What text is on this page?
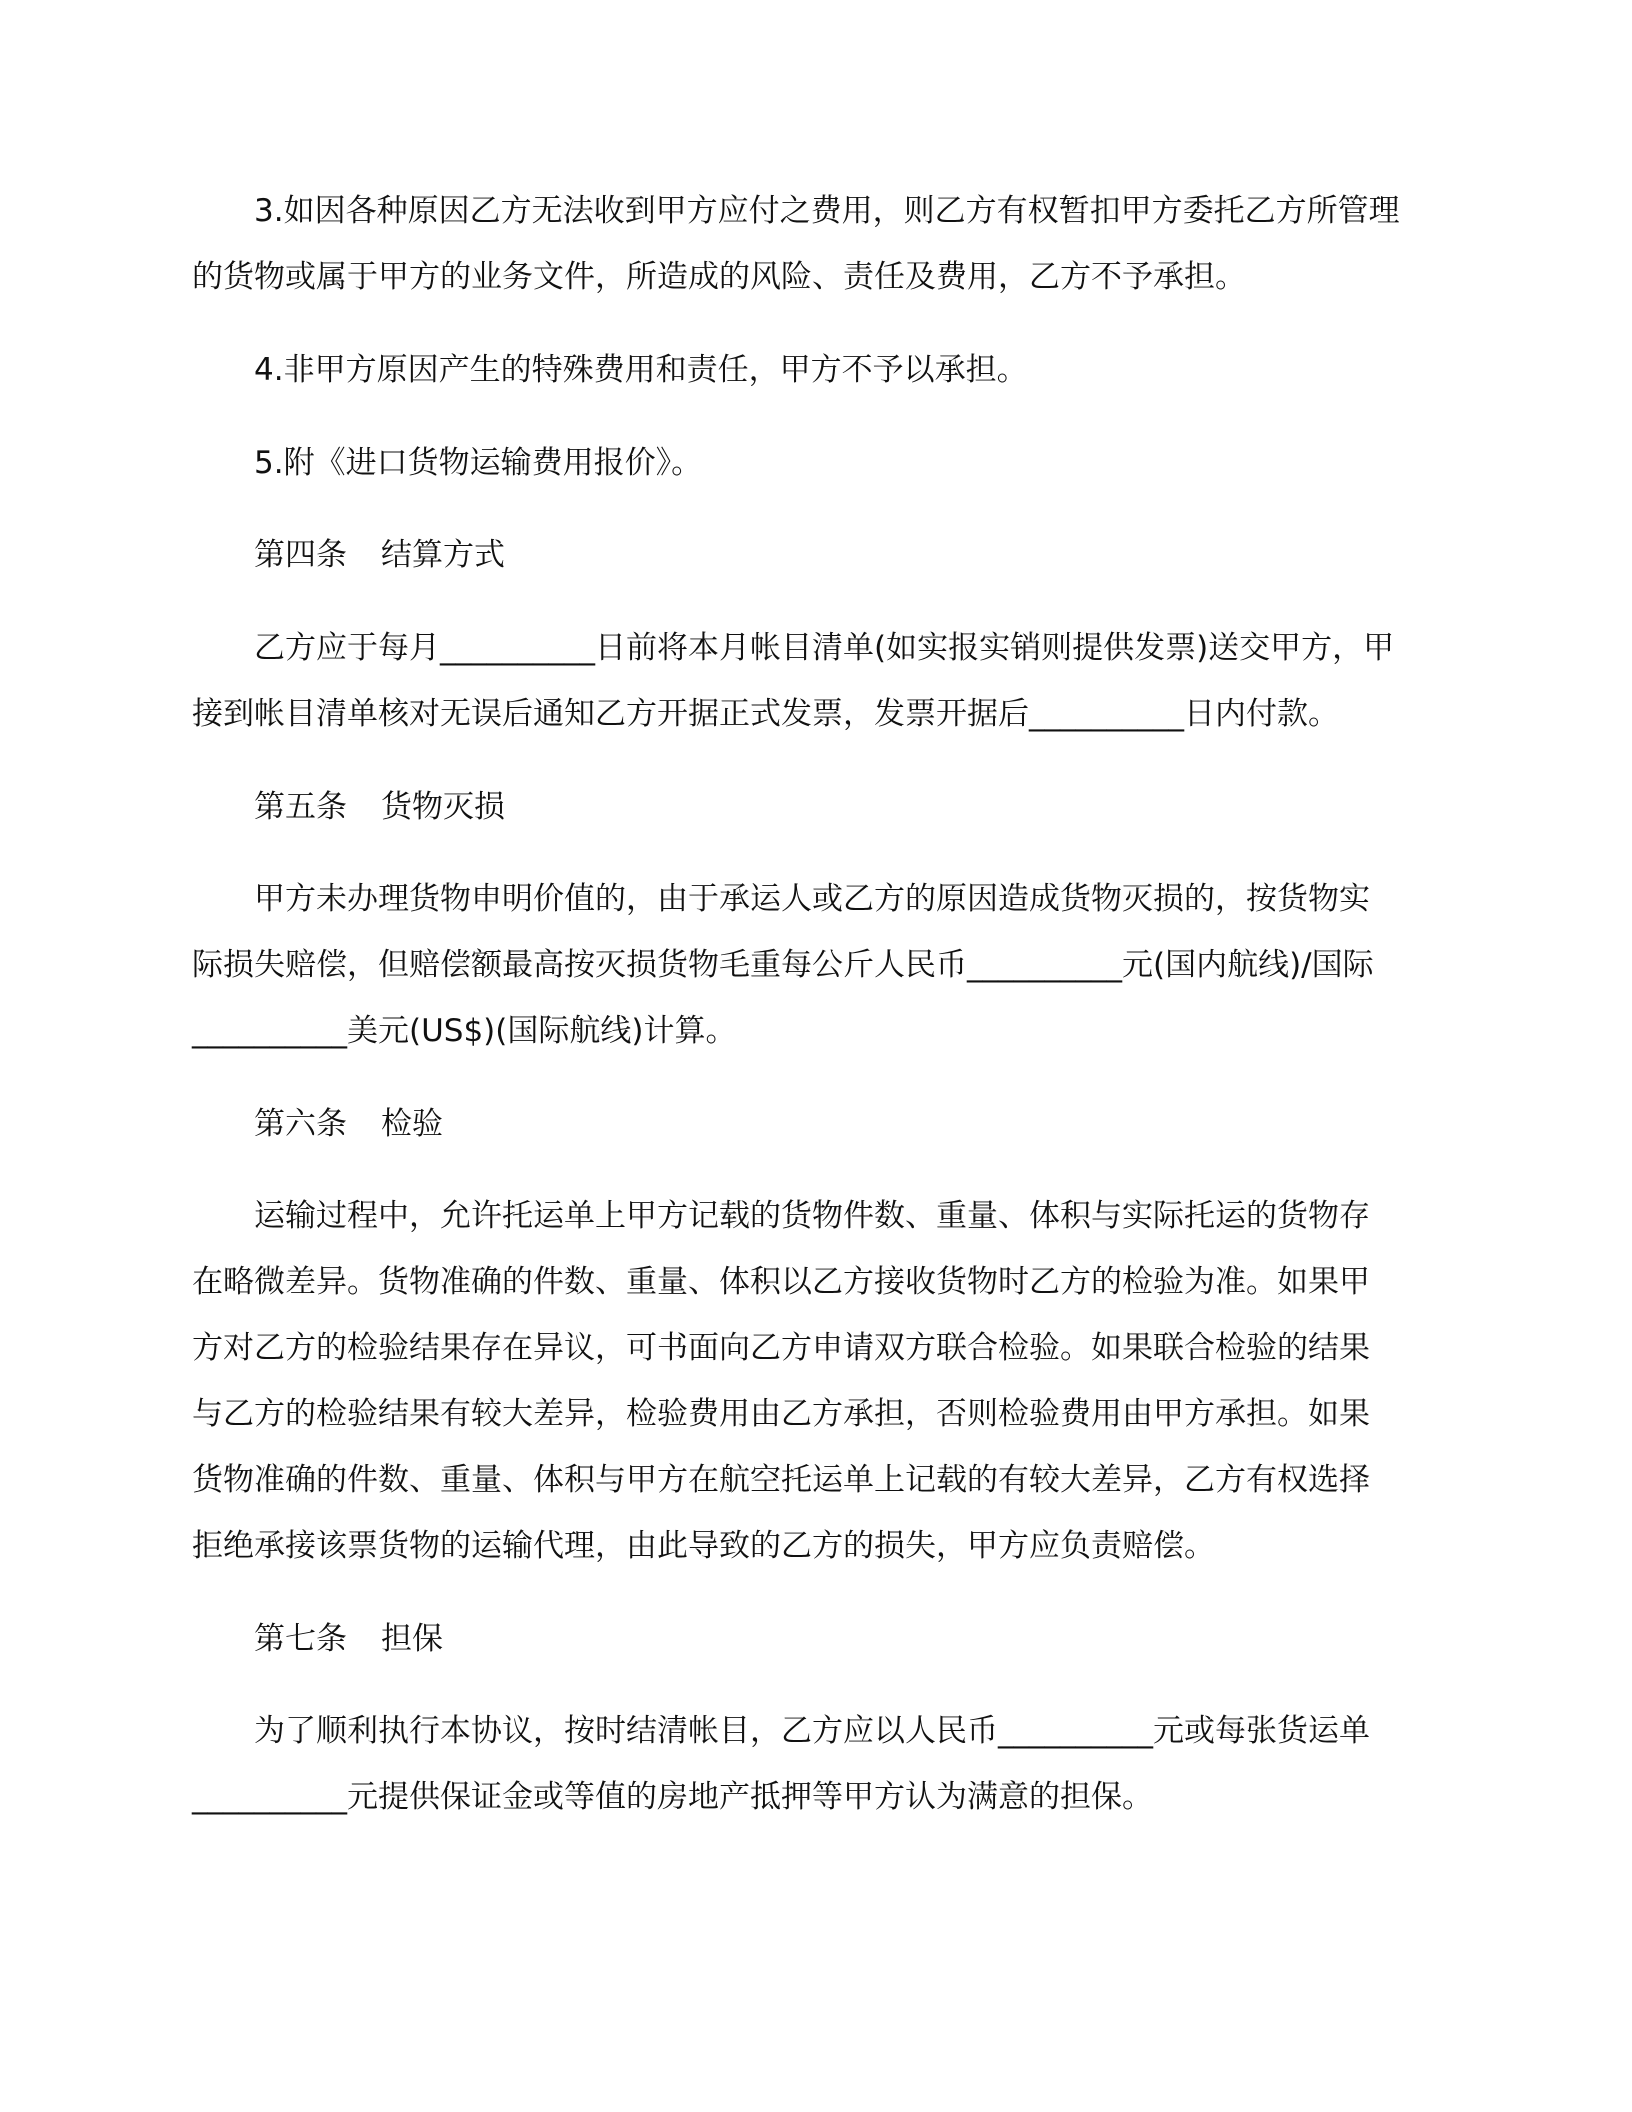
3.如因各种原因乙方无法收到甲方应付之费用，则乙方有权暂扣甲方委托乙方所管理
的货物或属于甲方的业务文件，所造成的风险、责任及费用，乙方不予承担。
4.非甲方原因产生的特殊费用和责任，甲方不予以承担。
5.附《进口货物运输费用报价》。
第四条 结算方式
乙方应于每月__________日前将本月帐目清单(如实报实销则提供发票)送交甲方，甲
接到帐目清单核对无误后通知乙方开据正式发票，发票开据后__________日内付款。
第五条 货物灭损
甲方未办理货物申明价值的，由于承运人或乙方的原因造成货物灭损的，按货物实
际损失赔偿，但赔偿额最高按灭损货物毛重每公斤人民币__________元(国内航线)/国际
__________美元(US$)(国际航线)计算。
第六条 检验
运输过程中，允许托运单上甲方记载的货物件数、重量、体积与实际托运的货物存
在略微差异。货物准确的件数、重量、体积以乙方接收货物时乙方的检验为准。如果甲
方对乙方的检验结果存在异议，可书面向乙方申请双方联合检验。如果联合检验的结果
与乙方的检验结果有较大差异，检验费用由乙方承担，否则检验费用由甲方承担。如果
货物准确的件数、重量、体积与甲方在航空托运单上记载的有较大差异，乙方有权选择
拒绝承接该票货物的运输代理，由此导致的乙方的损失，甲方应负责赔偿。
第七条 担保
为了顺利执行本协议，按时结清帐目，乙方应以人民币__________元或每张货运单
__________元提供保证金或等值的房地产抵押等甲方认为满意的担保。
